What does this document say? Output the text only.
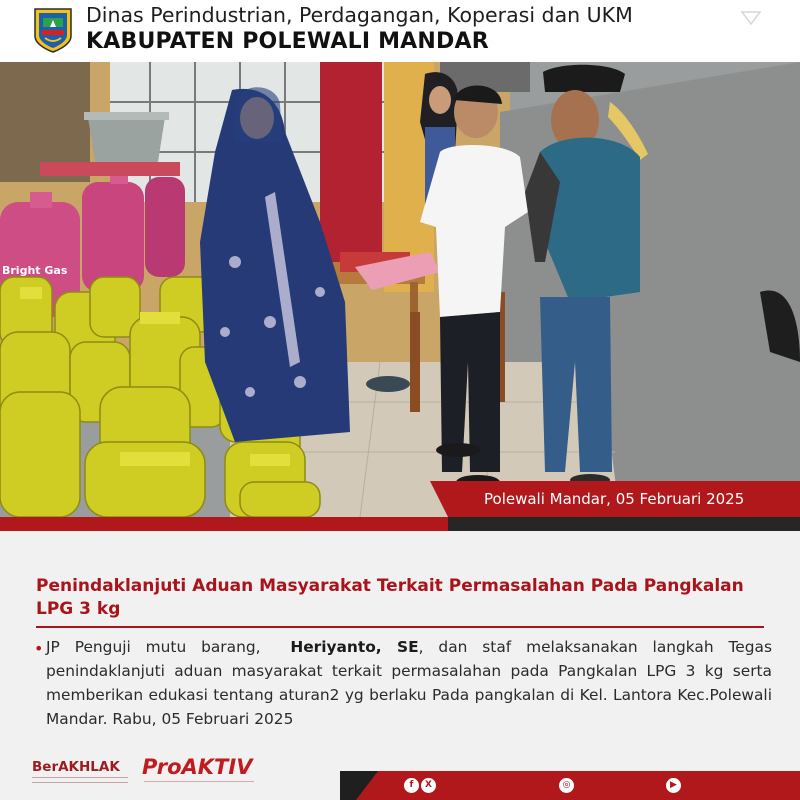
Dinas Perindustrian, Perdagangan, Koperasi dan UKM
KABUPATEN POLEWALI MANDAR
Bright Gas
Polewali Mandar, 05 Februari 2025
Penindaklanjuti Aduan Masyarakat Terkait Permasalahan Pada Pangkalan LPG 3 kg
• JP Penguji mutu barang, Heriyanto, SE, dan staf melaksanakan langkah Tegas penindaklanjuti aduan masyarakat terkait permasalahan pada Pangkalan LPG 3 kg serta memberikan edukasi tentang aturan2 yg berlaku Pada pangkalan di Kel. Lantora Kec.Polewali Mandar. Rabu, 05 Februari 2025

BerAKHLAK ProAKTIV
f	X	◎	▶
